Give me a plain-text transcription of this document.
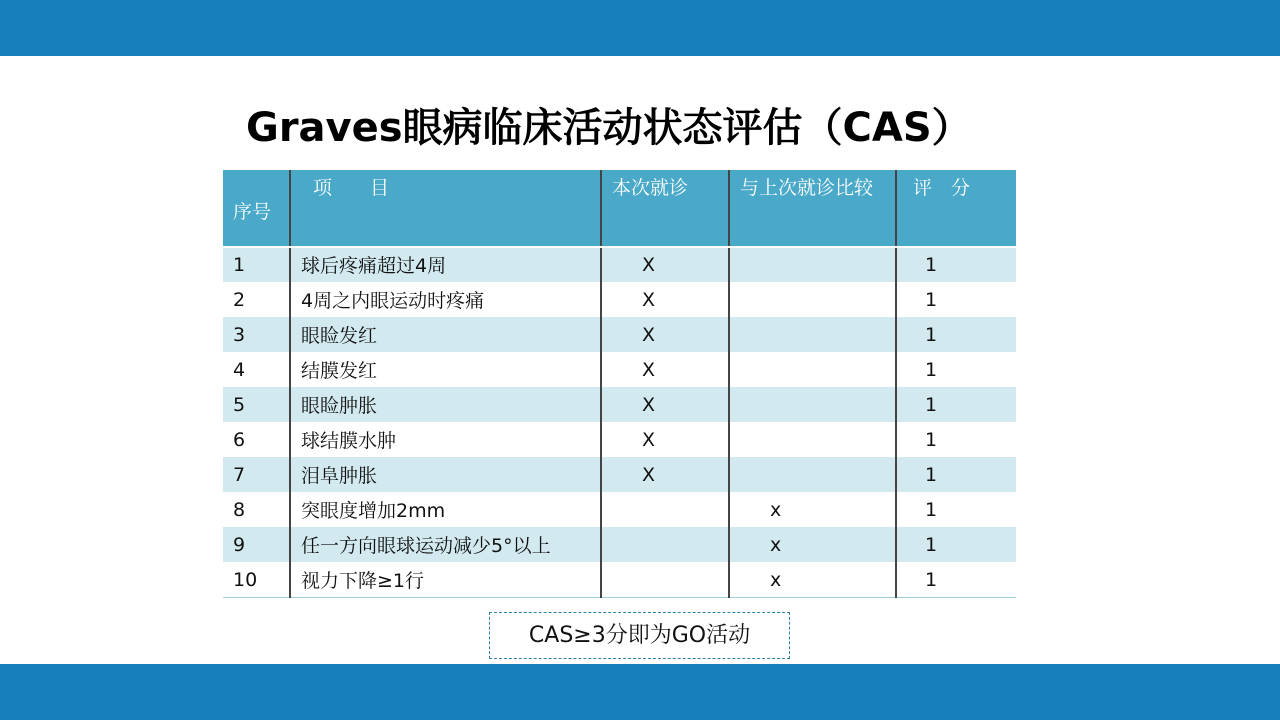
Graves眼病临床活动状态评估（CAS）
序号	项　　目	本次就诊	与上次就诊比较	评　分

1	球后疼痛超过4周	X		1
2	4周之内眼运动时疼痛	X		1
3	眼睑发红	X		1
4	结膜发红	X		1
5	眼睑肿胀	X		1
6	球结膜水肿	X		1
7	泪阜肿胀	X		1
8	突眼度增加2mm		x	1
9	任一方向眼球运动减少5°以上		x	1
10	视力下降≥1行		x	1
CAS≥3分即为GO活动
